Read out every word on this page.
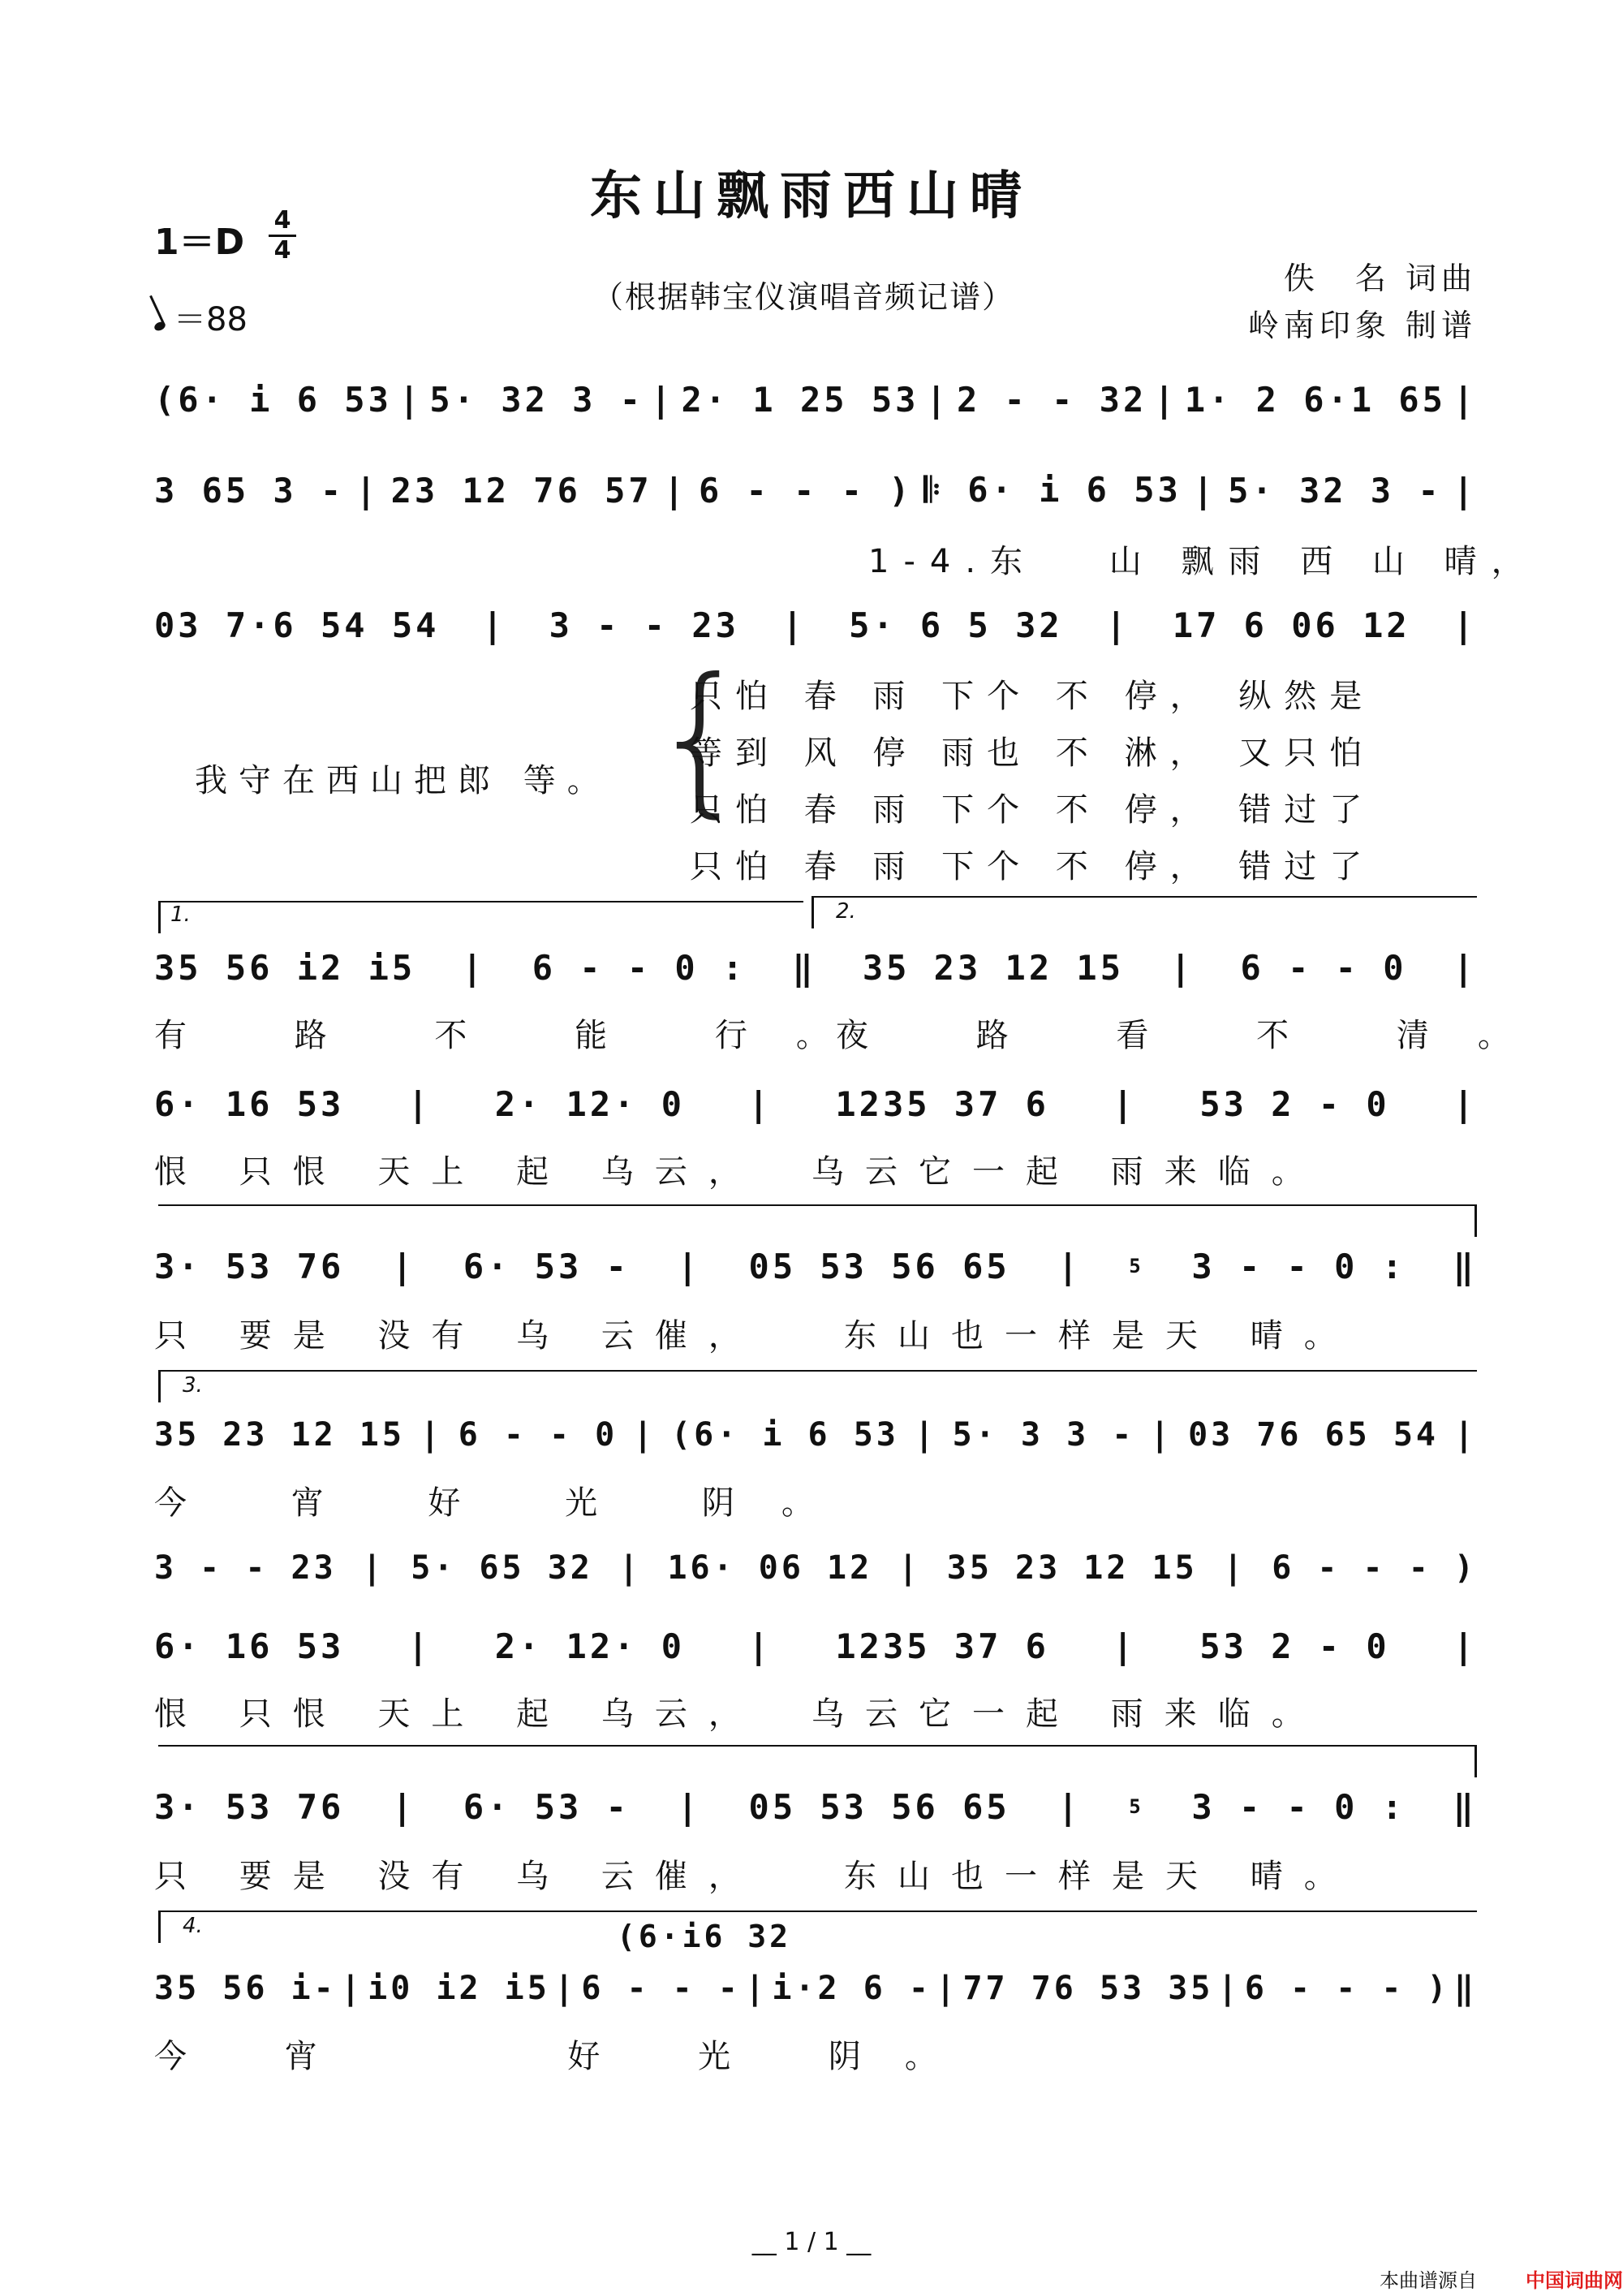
东山飘雨西山晴
1＝D
4
4
＝88
（根据韩宝仪演唱音频记谱）
佚　名 词曲
岭南印象 制谱
(6· i 6 53 | 5· 32 3 - | 2· 1 25 53 | 2 - - 32 | 1· 2 6·1 65 |
3 65 3 - | 23 12 76 57 | 6 - - - ) 𝄆 6· i 6 53 | 5· 32 3 - |
1-4.东　 山 飘雨 西 山 晴，
03 7·6 54 54 | 3 - - 23 | 5· 6 5 32 | 17 6 06 12 |
我守在西山把郎 等。 {
只怕 春 雨 下个 不 停， 纵然是
等到 风 停 雨也 不 淋， 又只怕
只怕 春 雨 下个 不 停， 错过了
只怕 春 雨 下个 不 停， 错过了
1.	2.
35 56 i2 i5 | 6 - - 0 : ‖ 35 23 12 15 | 6 - - 0 |
有 路 不 能 行。
夜 路 看 不 清。
6· 16 53 | 2· 12· 0 | 1235 37 6 | 53 2 - 0 |
恨 只恨 天上 起 乌云，	乌云它一起 雨来临。
3· 53 76 | 6· 53 - | 05 53 56 65 | 5 3 - - 0 : ‖
只 要是 没有 乌 云催，	东山也一样是天 晴。
3.
35 23 12 15 | 6 - - 0 | (6· i 6 53 | 5· 3 3 - | 03 76 65 54 |
今 宵 好 光 阴。
3 - - 23 | 5· 65 32 | 16· 06 12 | 35 23 12 15 | 6 - - - )
6· 16 53 | 2· 12· 0 | 1235 37 6 | 53 2 - 0 |
恨 只恨 天上 起 乌云，	乌云它一起 雨来临。
3· 53 76 | 6· 53 - | 05 53 56 65 | 5 3 - - 0 : ‖
只 要是 没有 乌 云催，	东山也一样是天 晴。
4.	(6·i6 32
35 56 i- | i0 i2 i5 | 6 - - - | i·2 6 - | 77 76 53 35 | 6 - - - ) ‖
今 宵　　 好 光 阴。
__ 1 / 1 __
本曲谱源自	中国词曲网
